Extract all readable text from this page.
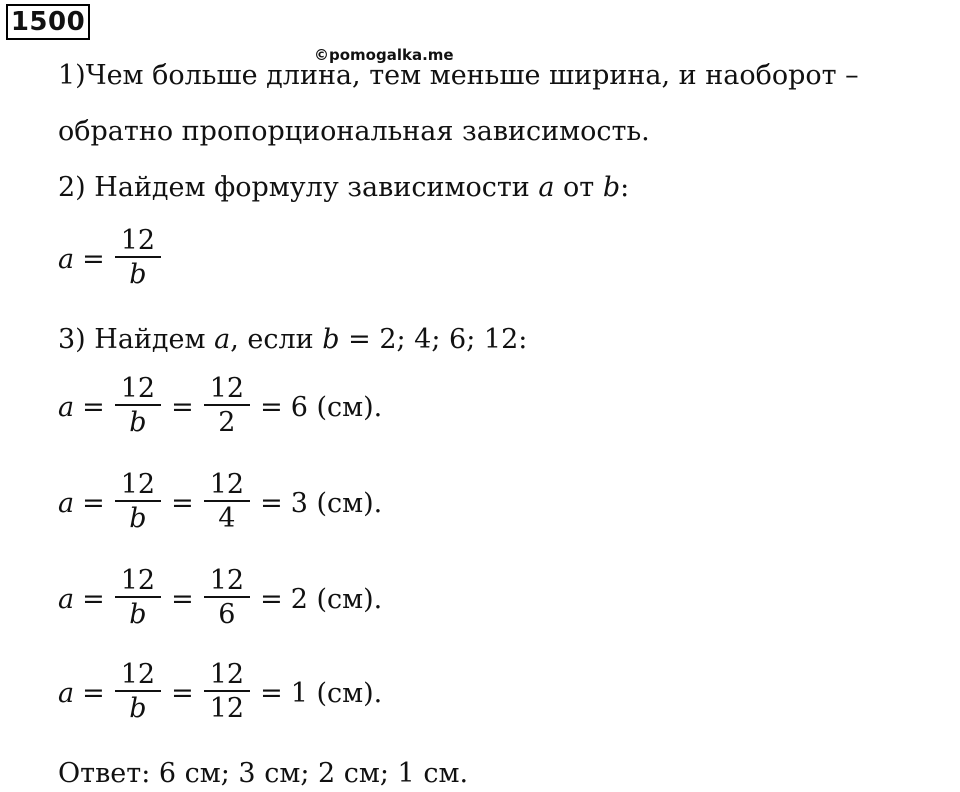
1500
©pomogalka.me
1)Чем больше длина, тем меньше ширина, и наоборот –
обратно пропорциональная зависимость.
2) Найдем формулу зависимости a от b:
$a = \frac{12}{b}$
3) Найдем a, если b = 2; 4; 6; 12:
$a = \frac{12}{b} = \frac{12}{2} = 6$ (см).
$a = \frac{12}{b} = \frac{12}{4} = 3$ (см).
$a = \frac{12}{b} = \frac{12}{6} = 2$ (см).
$a = \frac{12}{b} = \frac{12}{12} = 1$ (см).
Ответ: 6 см; 3 см; 2 см; 1 см.
